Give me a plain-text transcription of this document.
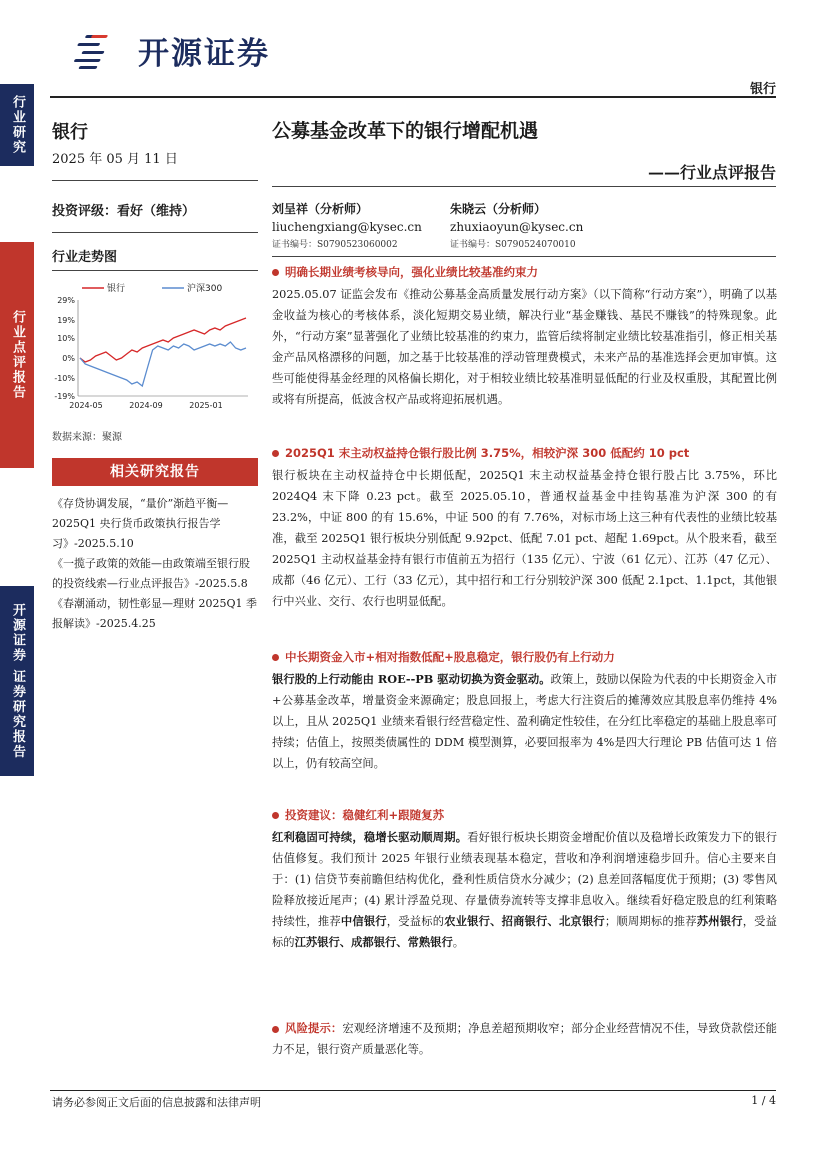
开源证券
银行
行业研究
行业点评报告
开源证券 证券研究报告
银行
2025 年 05 月 11 日
投资评级：看好（维持）
行业走势图
银行	沪深300
29%
19%
10%
0%
-10%
-19%
2024-05	2024-09	2025-01
数据来源：聚源
相关研究报告
《存贷协调发展，“量价”渐趋平衡—2025Q1 央行货币政策执行报告学习》-2025.5.10
《一揽子政策的效能—由政策端至银行股的投资线索—行业点评报告》-2025.5.8
《春潮涌动，韧性彰显—理财 2025Q1 季报解读》-2025.4.25
公募基金改革下的银行增配机遇
——行业点评报告
刘呈祥（分析师）
liuchengxiang@kysec.cn
证书编号：S0790523060002
朱晓云（分析师）
zhuxiaoyun@kysec.cn
证书编号：S0790524070010
明确长期业绩考核导向，强化业绩比较基准约束力
2025.05.07 证监会发布《推动公募基金高质量发展行动方案》（以下简称“行动方案”），明确了以基金收益为核心的考核体系，淡化短期交易业绩，解决行业“基金赚钱、基民不赚钱”的特殊现象。此外，“行动方案”显著强化了业绩比较基准的约束力，监管后续将制定业绩比较基准指引，修正相关基金产品风格漂移的问题，加之基于比较基准的浮动管理费模式，未来产品的基准选择会更加审慎。这些可能使得基金经理的风格偏长期化，对于相较业绩比较基准明显低配的行业及权重股，其配置比例或将有所提高，低波含权产品或将迎拓展机遇。
2025Q1 末主动权益持仓银行股比例 3.75%，相较沪深 300 低配约 10 pct
银行板块在主动权益持仓中长期低配，2025Q1 末主动权益基金持仓银行股占比 3.75%，环比 2024Q4 末下降 0.23 pct。截至 2025.05.10，普通权益基金中挂钩基准为沪深 300 的有 23.2%，中证 800 的有 15.6%，中证 500 的有 7.76%，对标市场上这三种有代表性的业绩比较基准，截至 2025Q1 银行板块分别低配 9.92pct、低配 7.01 pct、超配 1.69pct。从个股来看，截至 2025Q1 主动权益基金持有银行市值前五为招行（135 亿元）、宁波（61 亿元）、江苏（47 亿元）、成都（46 亿元）、工行（33 亿元），其中招行和工行分别较沪深 300 低配 2.1pct、1.1pct，其他银行中兴业、交行、农行也明显低配。
中长期资金入市+相对指数低配+股息稳定，银行股仍有上行动力
银行股的上行动能由 ROE--PB 驱动切换为资金驱动。政策上，鼓励以保险为代表的中长期资金入市+公募基金改革，增量资金来源确定；股息回报上，考虑大行注资后的摊薄效应其股息率仍维持 4%以上，且从 2025Q1 业绩来看银行经营稳定性、盈利确定性较佳，在分红比率稳定的基础上股息率可持续；估值上，按照类债属性的 DDM 模型测算，必要回报率为 4%是四大行理论 PB 估值可达 1 倍以上，仍有较高空间。
投资建议：稳健红利+跟随复苏
红利稳固可持续，稳增长驱动顺周期。看好银行板块长期资金增配价值以及稳增长政策发力下的银行估值修复。我们预计 2025 年银行业绩表现基本稳定，营收和净利润增速稳步回升。信心主要来自于：(1) 信贷节奏前瞻但结构优化，叠利性质信贷水分减少；(2) 息差回落幅度优于预期；(3) 零售风险释放接近尾声；(4) 累计浮盈兑现、存量债券流转等支撑非息收入。继续看好稳定股息的红利策略持续性，推荐中信银行，受益标的农业银行、招商银行、北京银行；顺周期标的推荐苏州银行，受益标的江苏银行、成都银行、常熟银行。
风险提示：宏观经济增速不及预期；净息差超预期收窄；部分企业经营情况不佳，导致贷款偿还能力不足，银行资产质量恶化等。
请务必参阅正文后面的信息披露和法律声明	1 / 4
